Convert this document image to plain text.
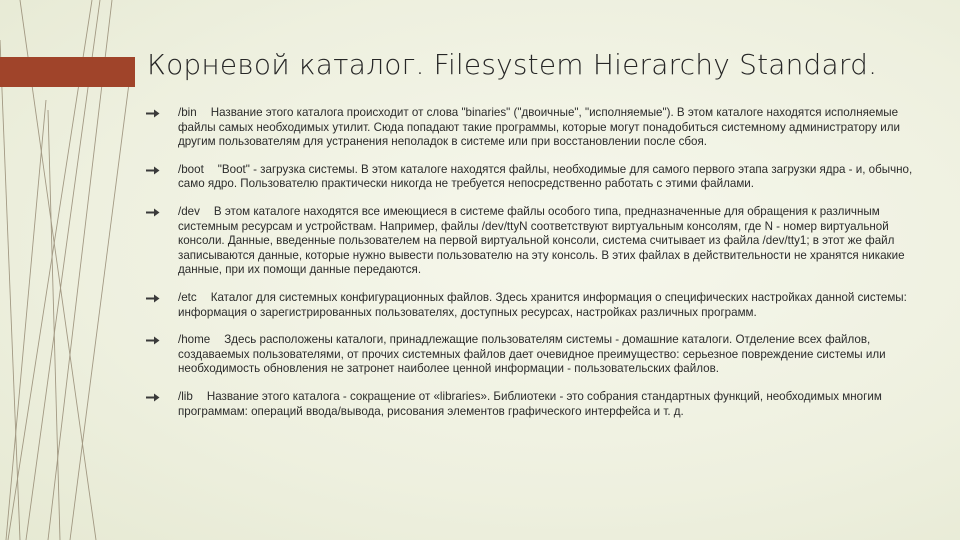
Корневой каталог. Filesystem Hierarchy Standard.
/bin Название этого каталога происходит от слова "binaries" ("двоичные", "исполняемые"). В этом каталоге находятся исполняемые файлы самых необходимых утилит. Сюда попадают такие программы, которые могут понадобиться системному администратору или другим пользователям для устранения неполадок в системе или при восстановлении после сбоя.
/boot "Boot" - загрузка системы. В этом каталоге находятся файлы, необходимые для самого первого этапа загрузки ядра - и, обычно, само ядро. Пользователю практически никогда не требуется непосредственно работать с этими файлами.
/dev В этом каталоге находятся все имеющиеся в системе файлы особого типа, предназначенные для обращения к различным системным ресурсам и устройствам. Например, файлы /dev/ttyN соответствуют виртуальным консолям, где N - номер виртуальной консоли. Данные, введенные пользователем на первой виртуальной консоли, система считывает из файла /dev/tty1; в этот же файл записываются данные, которые нужно вывести пользователю на эту консоль. В этих файлах в действительности не хранятся никакие данные, при их помощи данные передаются.
/etc Каталог для системных конфигурационных файлов. Здесь хранится информация о специфических настройках данной системы: информация о зарегистрированных пользователях, доступных ресурсах, настройках различных программ.
/home Здесь расположены каталоги, принадлежащие пользователям системы - домашние каталоги. Отделение всех файлов, создаваемых пользователями, от прочих системных файлов дает очевидное преимущество: серьезное повреждение системы или необходимость обновления не затронет наиболее ценной информации - пользовательских файлов.
/lib Название этого каталога - сокращение от «libraries». Библиотеки - это собрания стандартных функций, необходимых многим программам: операций ввода/вывода, рисования элементов графического интерфейса и т. д.
